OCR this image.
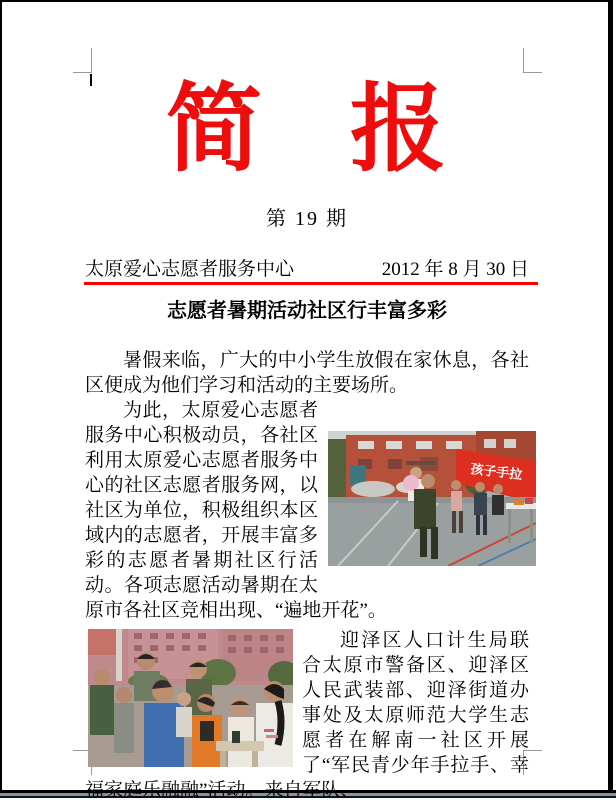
简 报
第 19 期
太原爱心志愿者服务中心	2012 年 8 月 30 日
志愿者暑期活动社区行丰富多彩

暑假来临，广大的中小学生放假在家休息，各社区便成为他们学习和活动的主要场所。

孩子手拉
为此，太原爱心志愿者服务中心积极动员，各社区利用太原爱心志愿者服务中心的社区志愿者服务网，以社区为单位，积极组织本区域内的志愿者，开展丰富多彩的志愿者暑期社区行活动。各项志愿活动暑期在太原市各社区竞相出现、“遍地开花”。

迎泽区人口计生局联合太原市警备区、迎泽区人民武装部、迎泽街道办事处及太原师范大学生志愿者在解南一社区开展了“军民青少年手拉手、幸福家庭乐融融”活动。来自军队、
